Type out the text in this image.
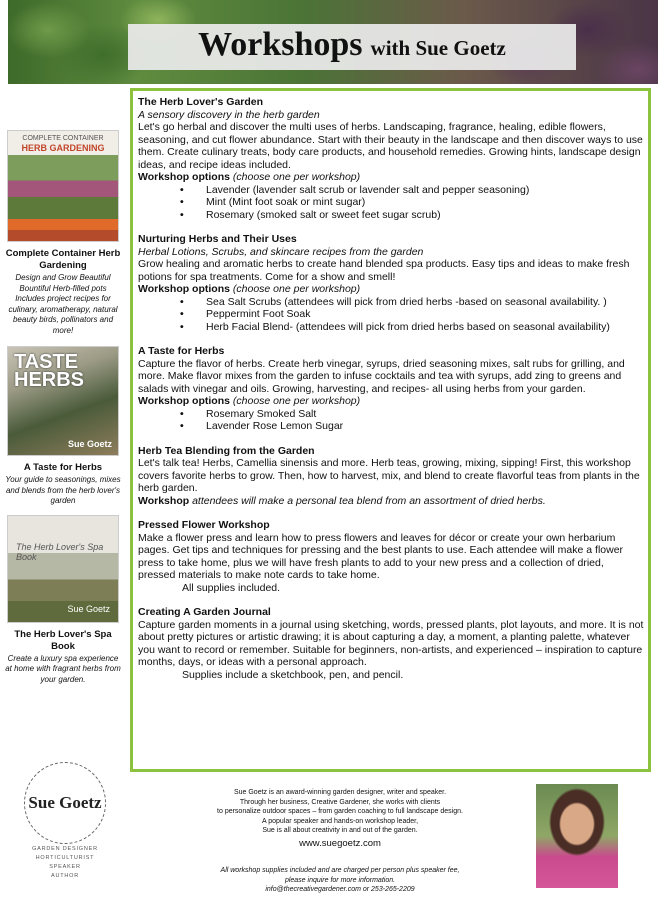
Workshops with Sue Goetz
COMPLETE CONTAINER
HERB GARDENING
Complete Container Herb Gardening
Design and Grow Beautiful Bountiful Herb-filled pots Includes project recipes for culinary, aromatherapy, natural beauty birds, pollinators and more!
TASTE HERBS
Sue Goetz
A Taste for Herbs
Your guide to seasonings, mixes and blends from the herb lover's garden
The Herb Lover's Spa Book
Sue Goetz
The Herb Lover's Spa Book
Create a luxury spa experience at home with fragrant herbs from your garden.
Sue Goetz
GARDEN DESIGNER
HORTICULTURIST
SPEAKER
AUTHOR
The Herb Lover's Garden
A sensory discovery in the herb garden
Let's go herbal and discover the multi uses of herbs. Landscaping, fragrance, healing, edible flowers, seasoning, and cut flower abundance. Start with their beauty in the landscape and then discover ways to use them. Create culinary treats, body care products, and household remedies. Growing hints, landscape design ideas, and recipe ideas included.
Workshop options (choose one per workshop)
• Lavender (lavender salt scrub or lavender salt and pepper seasoning)
• Mint (Mint foot soak or mint sugar)
• Rosemary (smoked salt or sweet feet sugar scrub)
Nurturing Herbs and Their Uses
Herbal Lotions, Scrubs, and skincare recipes from the garden
Grow healing and aromatic herbs to create hand blended spa products. Easy tips and ideas to make fresh potions for spa treatments. Come for a show and smell!
Workshop options (choose one per workshop)
• Sea Salt Scrubs (attendees will pick from dried herbs -based on seasonal availability. )
• Peppermint Foot Soak
• Herb Facial Blend- (attendees will pick from dried herbs based on seasonal availability)
A Taste for Herbs
Capture the flavor of herbs. Create herb vinegar, syrups, dried seasoning mixes, salt rubs for grilling, and more. Make flavor mixes from the garden to infuse cocktails and tea with syrups, add zing to greens and salads with vinegar and oils. Growing, harvesting, and recipes- all using herbs from your garden.
Workshop options (choose one per workshop)
• Rosemary Smoked Salt
• Lavender Rose Lemon Sugar
Herb Tea Blending from the Garden
Let's talk tea! Herbs, Camellia sinensis and more. Herb teas, growing, mixing, sipping! First, this workshop covers favorite herbs to grow. Then, how to harvest, mix, and blend to create flavorful teas from plants in the herb garden.
Workshop attendees will make a personal tea blend from an assortment of dried herbs.
Pressed Flower Workshop
Make a flower press and learn how to press flowers and leaves for décor or create your own herbarium pages. Get tips and techniques for pressing and the best plants to use. Each attendee will make a flower press to take home, plus we will have fresh plants to add to your new press and a collection of dried, pressed materials to make note cards to take home.
All supplies included.
Creating A Garden Journal
Capture garden moments in a journal using sketching, words, pressed plants, plot layouts, and more. It is not about pretty pictures or artistic drawing; it is about capturing a day, a moment, a planting palette, whatever you want to record or remember. Suitable for beginners, non-artists, and experienced – inspiration to capture months, days, or ideas with a personal approach.
Supplies include a sketchbook, pen, and pencil.
Sue Goetz is an award-winning garden designer, writer and speaker.
Through her business, Creative Gardener, she works with clients
to personalize outdoor spaces – from garden coaching to full landscape design.
A popular speaker and hands-on workshop leader,
Sue is all about creativity in and out of the garden.
www.suegoetz.com
All workshop supplies included and are charged per person plus speaker fee,
please inquire for more information.
info@thecreativegardener.com or 253-265-2209
